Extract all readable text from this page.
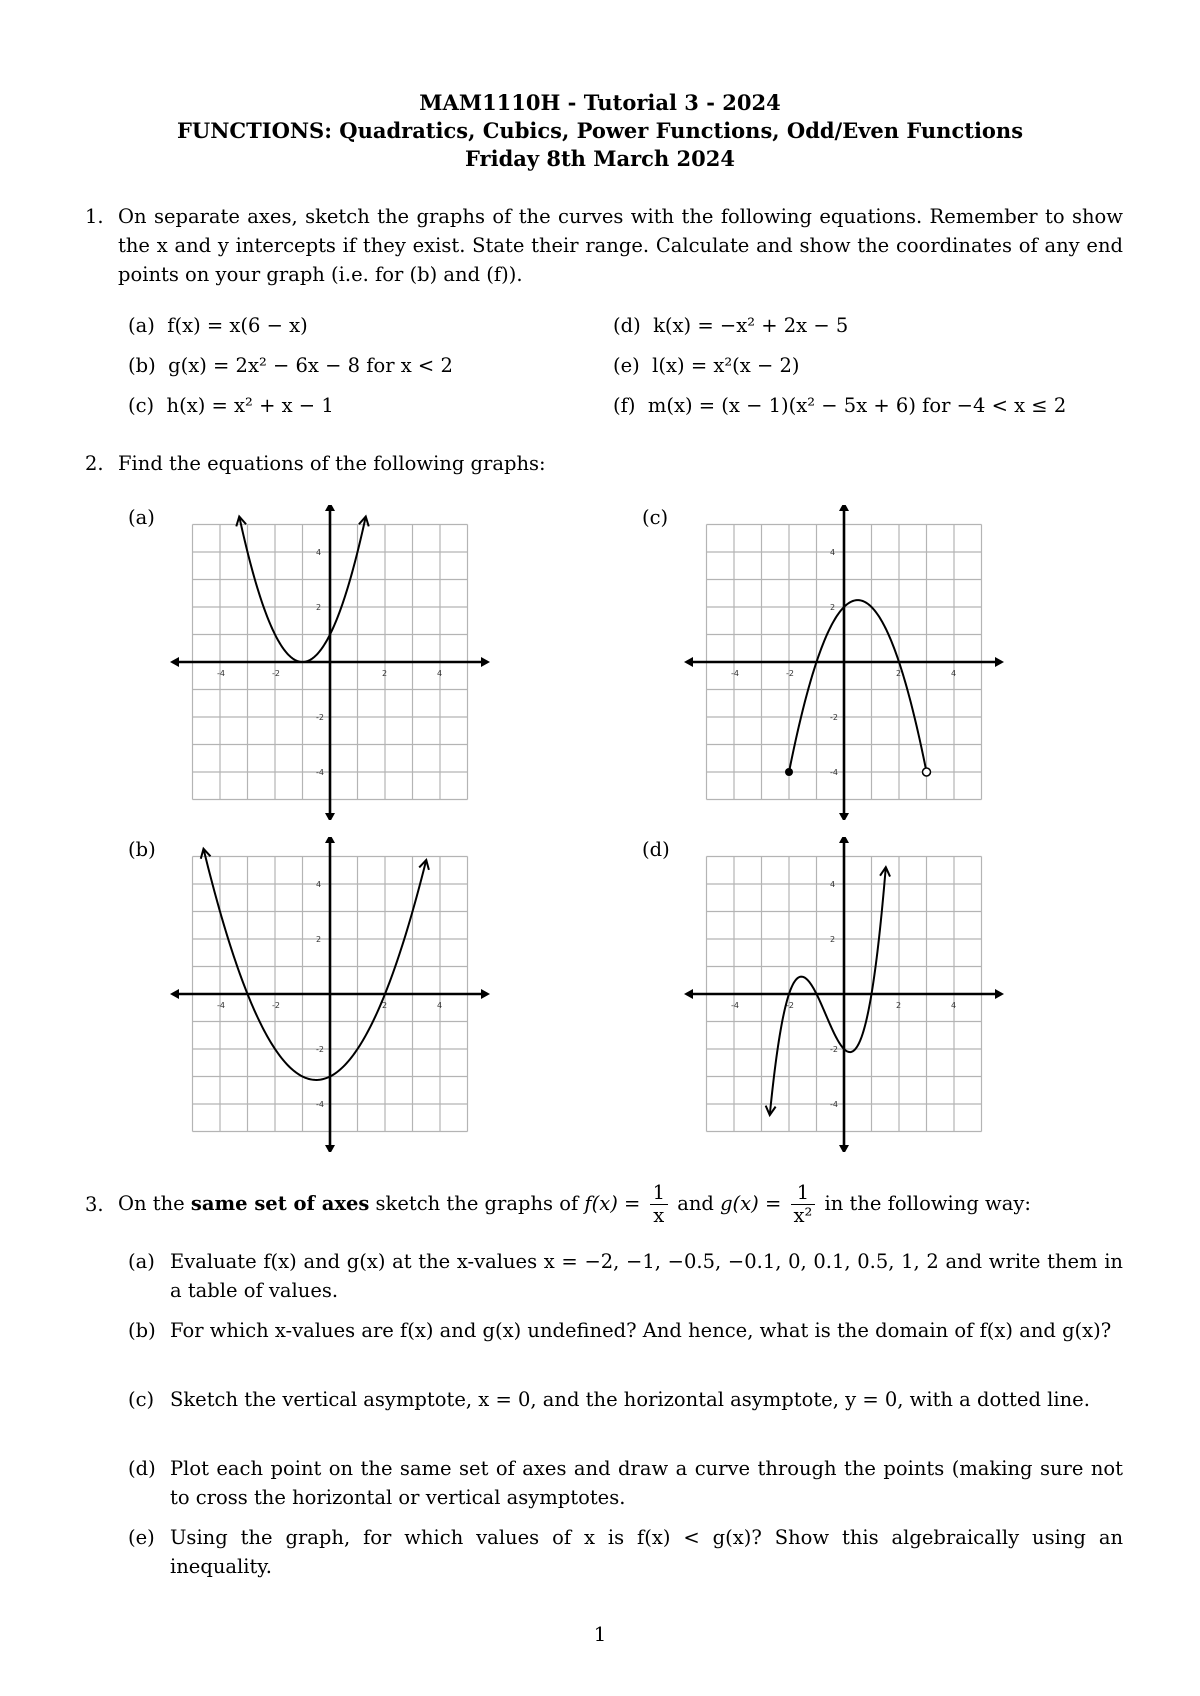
MAM1110H - Tutorial 3 - 2024
FUNCTIONS: Quadratics, Cubics, Power Functions, Odd/Even Functions
Friday 8th March 2024
1. On separate axes, sketch the graphs of the curves with the following equations. Remember to show the x and y intercepts if they exist. State their range. Calculate and show the coordinates of any end points on your graph (i.e. for (b) and (f)).
(a) f(x) = x(6 − x)
(b) g(x) = 2x² − 6x − 8 for x < 2
(c) h(x) = x² + x − 1
(d) k(x) = −x² + 2x − 5
(e) l(x) = x²(x − 2)
(f) m(x) = (x − 1)(x² − 5x + 6) for −4 < x ≤ 2
2. Find the equations of the following graphs:
(a)	(c)
(b)	(d)
-4	-2	2	4
4
2
-2
-4
-4	-2	2	4
4
2
-2
-4
-4	-2	2	4
4
2
-2
-4
-4	-2	2	4
4
2
-2
-4
3. On the same set of axes sketch the graphs of $f(x) = \frac{1}{x}$ and $g(x) = \frac{1}{\text{x²}}$ in the following way:
(a) Evaluate f(x) and g(x) at the x-values x = −2, −1, −0.5, −0.1, 0, 0.1, 0.5, 1, 2 and write them in a table of values.
(b) For which x-values are f(x) and g(x) undefined? And hence, what is the domain of f(x) and g(x)?
(c) Sketch the vertical asymptote, x = 0, and the horizontal asymptote, y = 0, with a dotted line.
(d) Plot each point on the same set of axes and draw a curve through the points (making sure not to cross the horizontal or vertical asymptotes.
(e) Using the graph, for which values of x is f(x) < g(x)? Show this algebraically using an inequality.
1
